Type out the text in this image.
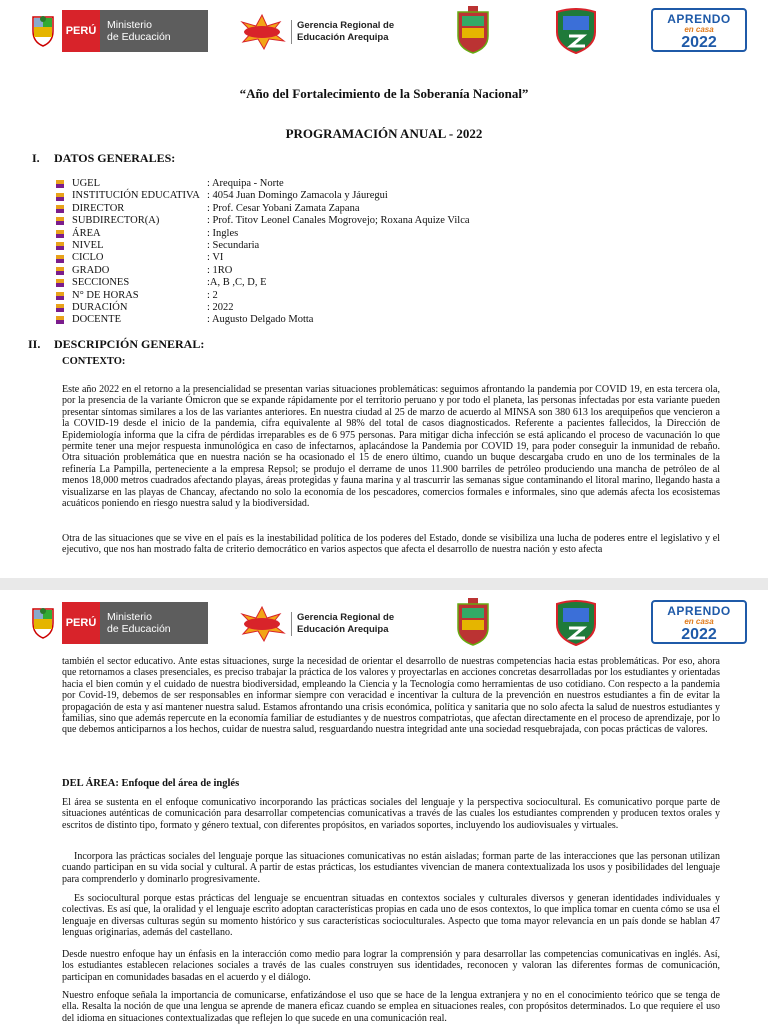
PERÚ	Ministerio
de Educación
Gerencia Regional de
Educación Arequipa
APRENDO
en casa
2022
“Año del Fortalecimiento de la Soberanía Nacional”
PROGRAMACIÓN ANUAL - 2022
I. DATOS GENERALES:
UGEL	: Arequipa - Norte
INSTITUCIÓN EDUCATIVA : 4054 Juan Domingo Zamacola y Jáuregui
DIRECTOR	: Prof. Cesar Yobani Zamata Zapana
SUBDIRECTOR(A)	: Prof. Titov Leonel Canales Mogrovejo; Roxana Aquize Vilca
ÁREA	: Ingles
NIVEL	: Secundaria
CICLO	: VI
GRADO	: 1RO
SECCIONES	:A, B ,C, D, E
N° DE HORAS	: 2
DURACIÓN	: 2022
DOCENTE	: Augusto Delgado Motta
II. DESCRIPCIÓN GENERAL:
CONTEXTO:
Este año 2022 en el retorno a la presencialidad se presentan varias situaciones problemáticas: seguimos afrontando la pandemia por COVID 19, en esta tercera ola, por la presencia de la variante Ómicron que se expande rápidamente por el territorio peruano y por todo el planeta, las personas infectadas por esta variante pueden presentar síntomas similares a los de las variantes anteriores. En nuestra ciudad al 25 de marzo de acuerdo al MINSA son 380 613 los arequipeños que vencieron a la COVID-19 desde el inicio de la pandemia, cifra equivalente al 98% del total de casos diagnosticados. Referente a pacientes fallecidos, la Dirección de Epidemiología informa que la cifra de pérdidas irreparables es de 6 975 personas. Para mitigar dicha infección se está aplicando el proceso de vacunación lo que permite tener una mejor respuesta inmunológica en caso de infectarnos, aplacándose la Pandemia por COVID 19, para poder conseguir la inmunidad de rebaño. Otra situación problemática que en nuestra nación se ha ocasionado el 15 de enero último, cuando un buque descargaba crudo en uno de los terminales de la refinería La Pampilla, perteneciente a la empresa Repsol; se produjo el derrame de unos 11.900 barriles de petróleo produciendo una mancha de petróleo de al menos 18,000 metros cuadrados afectando playas, áreas protegidas y fauna marina y al trascurrir las semanas sigue contaminando el litoral marino, llegando hasta a visualizarse en las playas de Chancay, afectando no solo la economía de los pescadores, comercios formales e informales, sino que además afecta los ecosistemas acuáticos poniendo en riesgo nuestra salud y la biodiversidad.
Otra de las situaciones que se vive en el país es la inestabilidad política de los poderes del Estado, donde se visibiliza una lucha de poderes entre el legislativo y el ejecutivo, que nos han mostrado falta de criterio democrático en varios aspectos que afecta el desarrollo de nuestra nación y esto afecta
PERÚ	Ministerio
de Educación
Gerencia Regional de
Educación Arequipa
APRENDO
en casa
2022
también el sector educativo. Ante estas situaciones, surge la necesidad de orientar el desarrollo de nuestras competencias hacia estas problemáticas. Por eso, ahora que retornamos a clases presenciales, es preciso trabajar la práctica de los valores y proyectarlas en acciones concretas desarrolladas por los estudiantes y orientadas hacia el bien común y el cuidado de nuestra biodiversidad, empleando la Ciencia y la Tecnología como herramientas de uso cotidiano. Con respecto a la pandemia por Covid-19, debemos de ser responsables en informar siempre con veracidad e incentivar la cultura de la prevención en nuestros estudiantes a fin de evitar la propagación de esta y así mantener nuestra salud. Estamos afrontando una crisis económica, política y sanitaria que no solo afecta la salud de nuestros estudiantes y familias, sino que además repercute en la economía familiar de estudiantes y de nuestros compatriotas, que afectan directamente en el proceso de aprendizaje, por lo que debemos anticiparnos a los hechos, cuidar de nuestra salud, resguardando nuestra integridad ante una sociedad resquebrajada, con pocas prácticas de valores.
DEL ÁREA: Enfoque del área de inglés
El área se sustenta en el enfoque comunicativo incorporando las prácticas sociales del lenguaje y la perspectiva sociocultural. Es comunicativo porque parte de situaciones auténticas de comunicación para desarrollar competencias comunicativas a través de las cuales los estudiantes comprenden y producen textos orales y escritos de distinto tipo, formato y género textual, con diferentes propósitos, en variados soportes, incluyendo los audiovisuales y virtuales.
Incorpora las prácticas sociales del lenguaje porque las situaciones comunicativas no están aisladas; forman parte de las interacciones que las personan utilizan cuando participan en su vida social y cultural. A partir de estas prácticas, los estudiantes vivencian de manera contextualizada los usos y posibilidades del lenguaje para comprenderlo y dominarlo progresivamente.
Es sociocultural porque estas prácticas del lenguaje se encuentran situadas en contextos sociales y culturales diversos y generan identidades individuales y colectivas. Es así que, la oralidad y el lenguaje escrito adoptan características propias en cada uno de esos contextos, lo que implica tomar en cuenta cómo se usa el lenguaje en diversas culturas según su momento histórico y sus características socioculturales. Aspecto que toma mayor relevancia en un país donde se hablan 47 lenguas originarias, además del castellano.
Desde nuestro enfoque hay un énfasis en la interacción como medio para lograr la comprensión y para desarrollar las competencias comunicativas en inglés. Así, los estudiantes establecen relaciones sociales a través de las cuales construyen sus identidades, reconocen y valoran las diferentes formas de comunicación, participan en comunidades basadas en el acuerdo y el diálogo.
Nuestro enfoque señala la importancia de comunicarse, enfatizándose el uso que se hace de la lengua extranjera y no en el conocimiento teórico que se tenga de ella. Resalta la noción de que una lengua se aprende de manera eficaz cuando se emplea en situaciones reales, con propósitos determinados. Lo que requiere el uso del idioma en situaciones contextualizadas que reflejen lo que sucede en una comunicación real.
